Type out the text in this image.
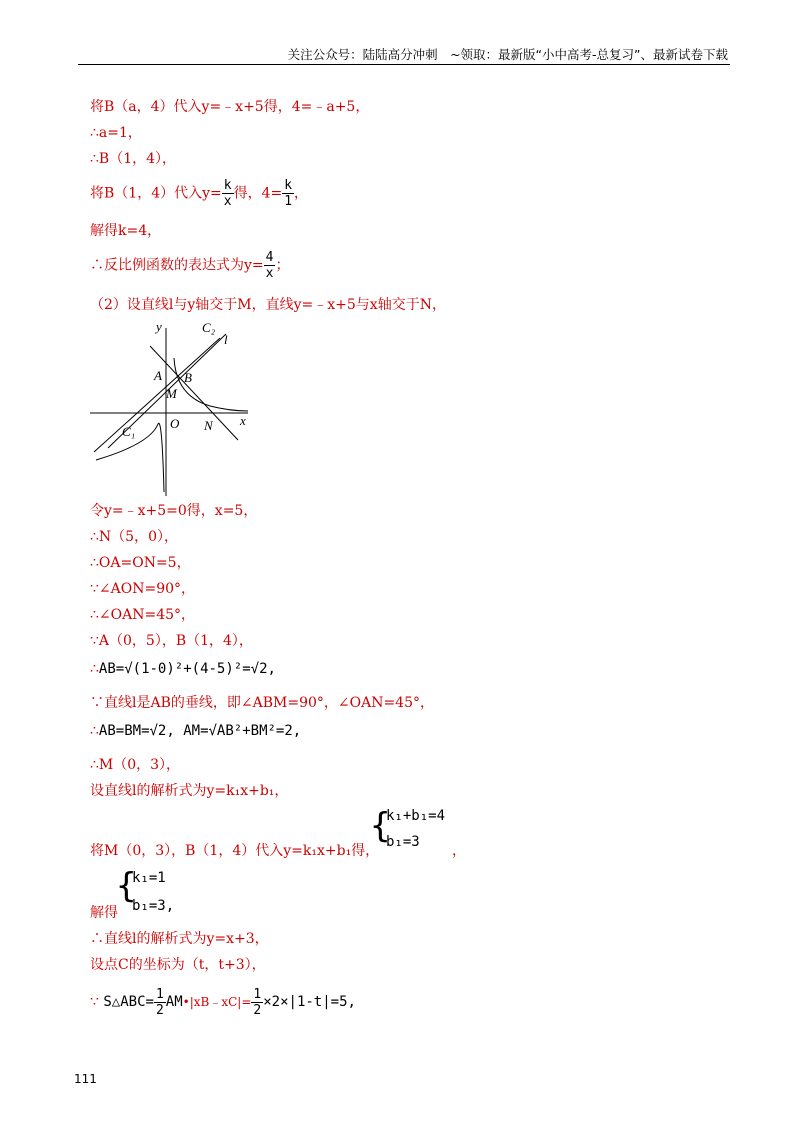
关注公众号：陆陆高分冲刺　~领取：最新版“小中高考-总复习”、最新试卷下载
将B（a，4）代入y=﹣x+5得，4=﹣a+5，
∴a=1，
∴B（1，4），
将B（1，4）代入$y= \frac{k}{x}$ 得，$4= \frac{k}{1}$ ，
解得k=4，
∴反比例函数的表达式为$y= \frac{4}{x}$ ；
（2）设直线l与y轴交于M，直线y=﹣x+5与x轴交于N，
y
x
C₂
l
A B
M
O N
C₁
令y=﹣x+5=0得，x=5，
∴N（5，0），
∴OA=ON=5，
∵∠AON=90°，
∴∠OAN=45°，
∵A（0，5），B（1，4），
∴AB=√(1-0)²+(4-5)²=√2,
∵直线l是AB的垂线，即∠ABM=90°，∠OAN=45°，
∴AB=BM=√2, AM=√AB²+BM²=2,
∴M（0，3），
设直线l的解析式为y=k₁x+b₁，
{
k₁+b₁=4
b₁=3
将M（0，3），B（1，4）代入y=k₁x+b₁得，	，
{
k₁=1
b₁=3,
解得
∴直线l的解析式为y=x+3，
设点C的坐标为（t，t+3），
∵ S△ABC= $\frac{1}{2}$ AM•|xB﹣xC|= $\frac{1}{2} \times 2\times|1-t|=5$,
111
